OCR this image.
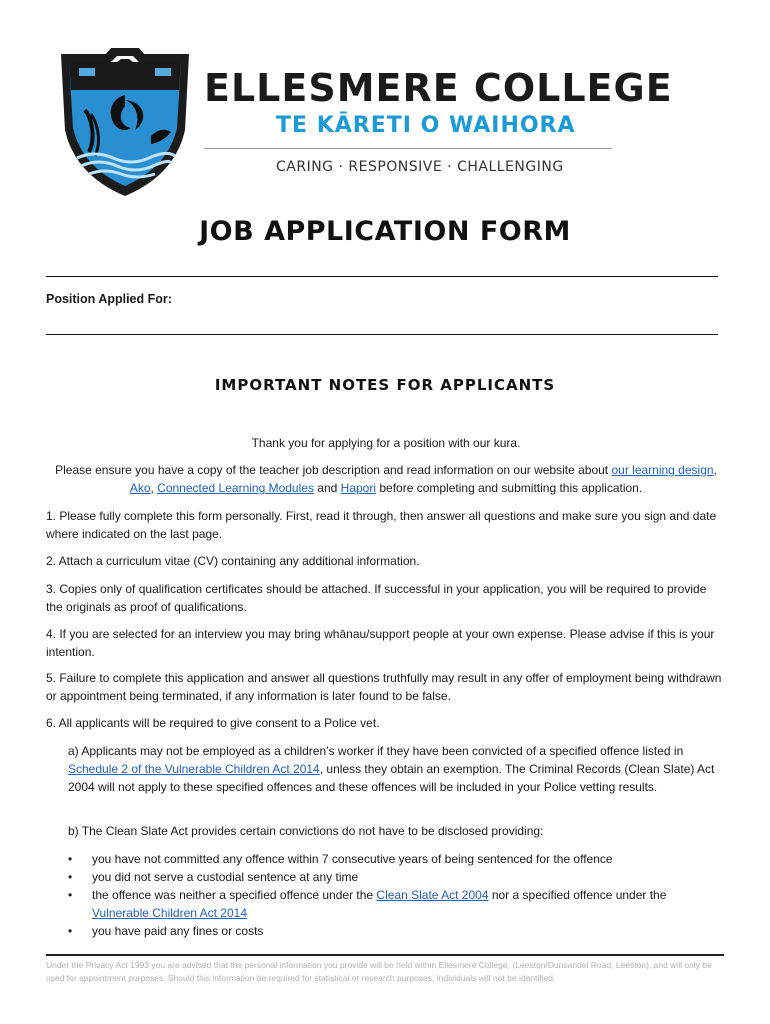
ELLESMERE COLLEGE
TE KĀRETI O WAIHORA
CARING · RESPONSIVE · CHALLENGING
JOB APPLICATION FORM
Position Applied For:
IMPORTANT NOTES FOR APPLICANTS
Thank you for applying for a position with our kura.
Please ensure you have a copy of the teacher job description and read information on our website about our learning design, Ako, Connected Learning Modules and Hapori before completing and submitting this application.
1. Please fully complete this form personally. First, read it through, then answer all questions and make sure you sign and date where indicated on the last page.
2. Attach a curriculum vitae (CV) containing any additional information.
3. Copies only of qualification certificates should be attached. If successful in your application, you will be required to provide the originals as proof of qualifications.
4. If you are selected for an interview you may bring whānau/support people at your own expense. Please advise if this is your intention.
5. Failure to complete this application and answer all questions truthfully may result in any offer of employment being withdrawn or appointment being terminated, if any information is later found to be false.
6. All applicants will be required to give consent to a Police vet.
a) Applicants may not be employed as a children’s worker if they have been convicted of a specified offence listed in Schedule 2 of the Vulnerable Children Act 2014, unless they obtain an exemption. The Criminal Records (Clean Slate) Act 2004 will not apply to these specified offences and these offences will be included in your Police vetting results.
b) The Clean Slate Act provides certain convictions do not have to be disclosed providing:
• you have not committed any offence within 7 consecutive years of being sentenced for the offence
• you did not serve a custodial sentence at any time
• the offence was neither a specified offence under the Clean Slate Act 2004 nor a specified offence under the Vulnerable Children Act 2014
• you have paid any fines or costs
Under the Privacy Act 1993 you are advised that the personal information you provide will be held within Ellesmere College, (Leeston/Dunsandel Road, Leeston), and will only be used for appointment purposes. Should this information be required for statistical or research purposes, individuals will not be identified.
